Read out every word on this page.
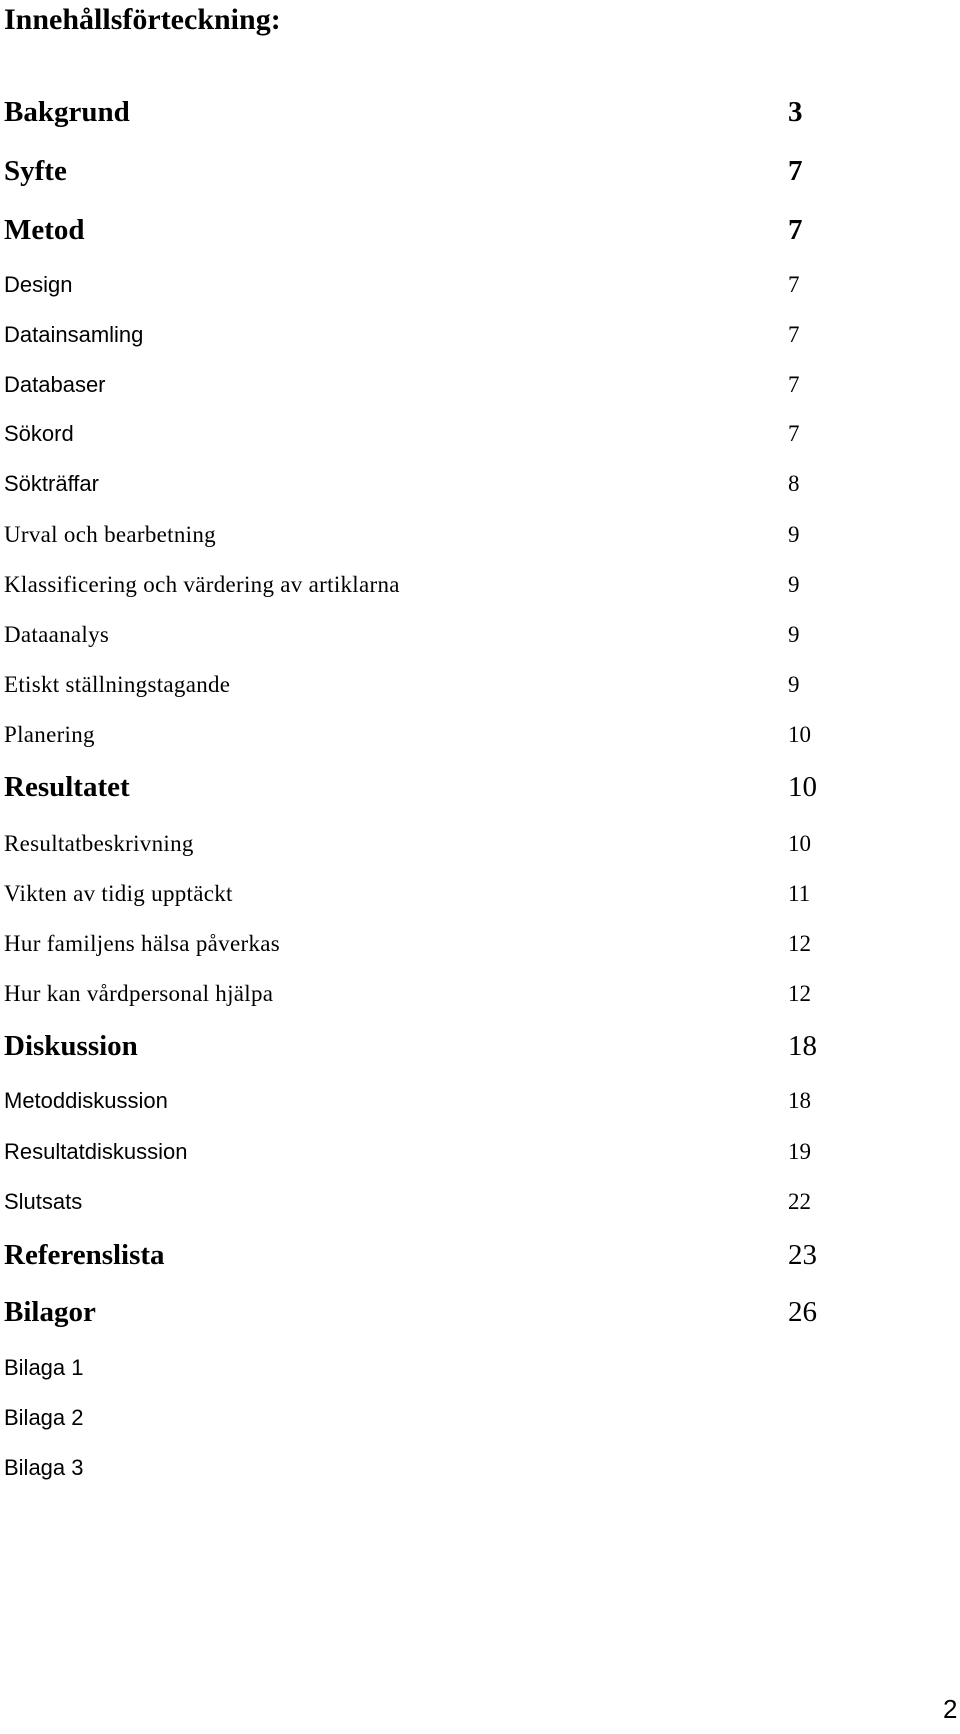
Innehållsförteckning:
Bakgrund	3
Syfte	7
Metod	7
Design	7
Datainsamling	7
Databaser	7
Sökord	7
Sökträffar	8
Urval och bearbetning	9
Klassificering och värdering av artiklarna	9
Dataanalys	9
Etiskt ställningstagande	9
Planering	10
Resultatet	10
Resultatbeskrivning	10
Vikten av tidig upptäckt	11
Hur familjens hälsa påverkas	12
Hur kan vårdpersonal hjälpa	12
Diskussion	18
Metoddiskussion	18
Resultatdiskussion	19
Slutsats	22
Referenslista	23
Bilagor	26
Bilaga 1
Bilaga 2
Bilaga 3
2
